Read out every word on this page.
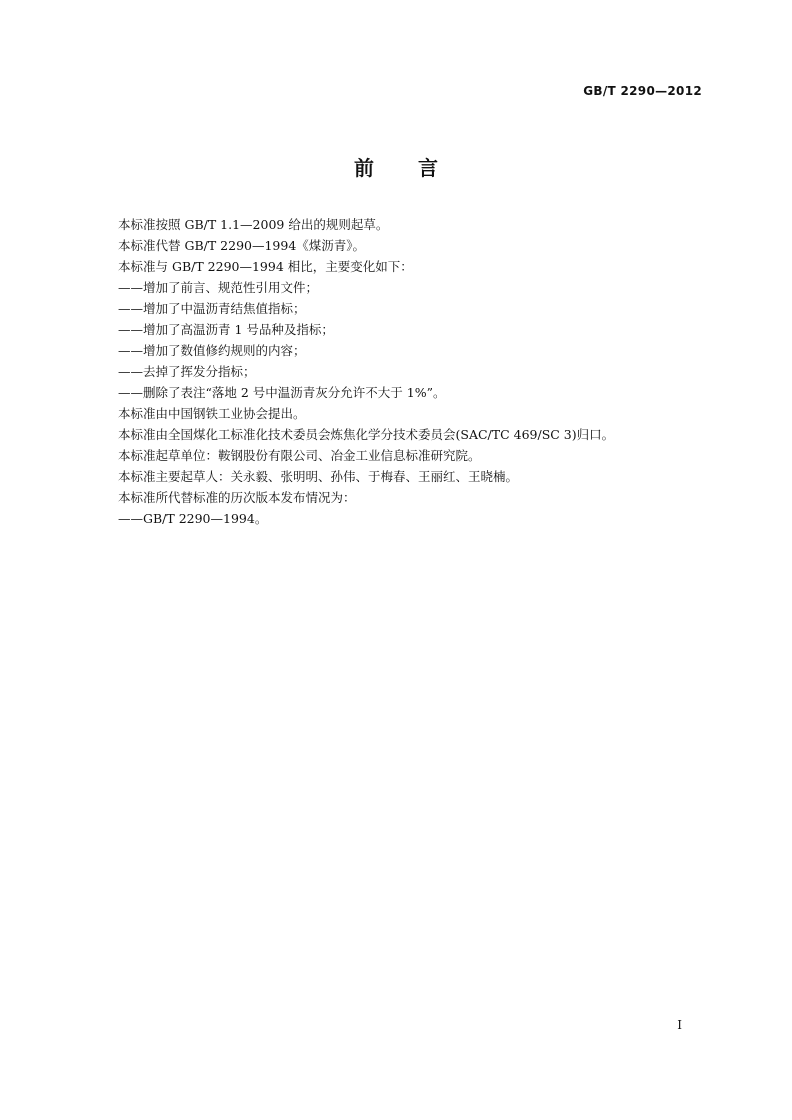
GB/T 2290—2012
前言
本标准按照 GB/T 1.1—2009 给出的规则起草。
本标准代替 GB/T 2290—1994《煤沥青》。
本标准与 GB/T 2290—1994 相比，主要变化如下：
——增加了前言、规范性引用文件；
——增加了中温沥青结焦值指标；
——增加了高温沥青 1 号品种及指标；
——增加了数值修约规则的内容；
——去掉了挥发分指标；
——删除了表注“落地 2 号中温沥青灰分允许不大于 1%”。
本标准由中国钢铁工业协会提出。
本标准由全国煤化工标准化技术委员会炼焦化学分技术委员会(SAC/TC 469/SC 3)归口。
本标准起草单位：鞍钢股份有限公司、冶金工业信息标准研究院。
本标准主要起草人：关永毅、张明明、孙伟、于梅春、王丽红、王晓楠。
本标准所代替标准的历次版本发布情况为：
——GB/T 2290—1994。
I
